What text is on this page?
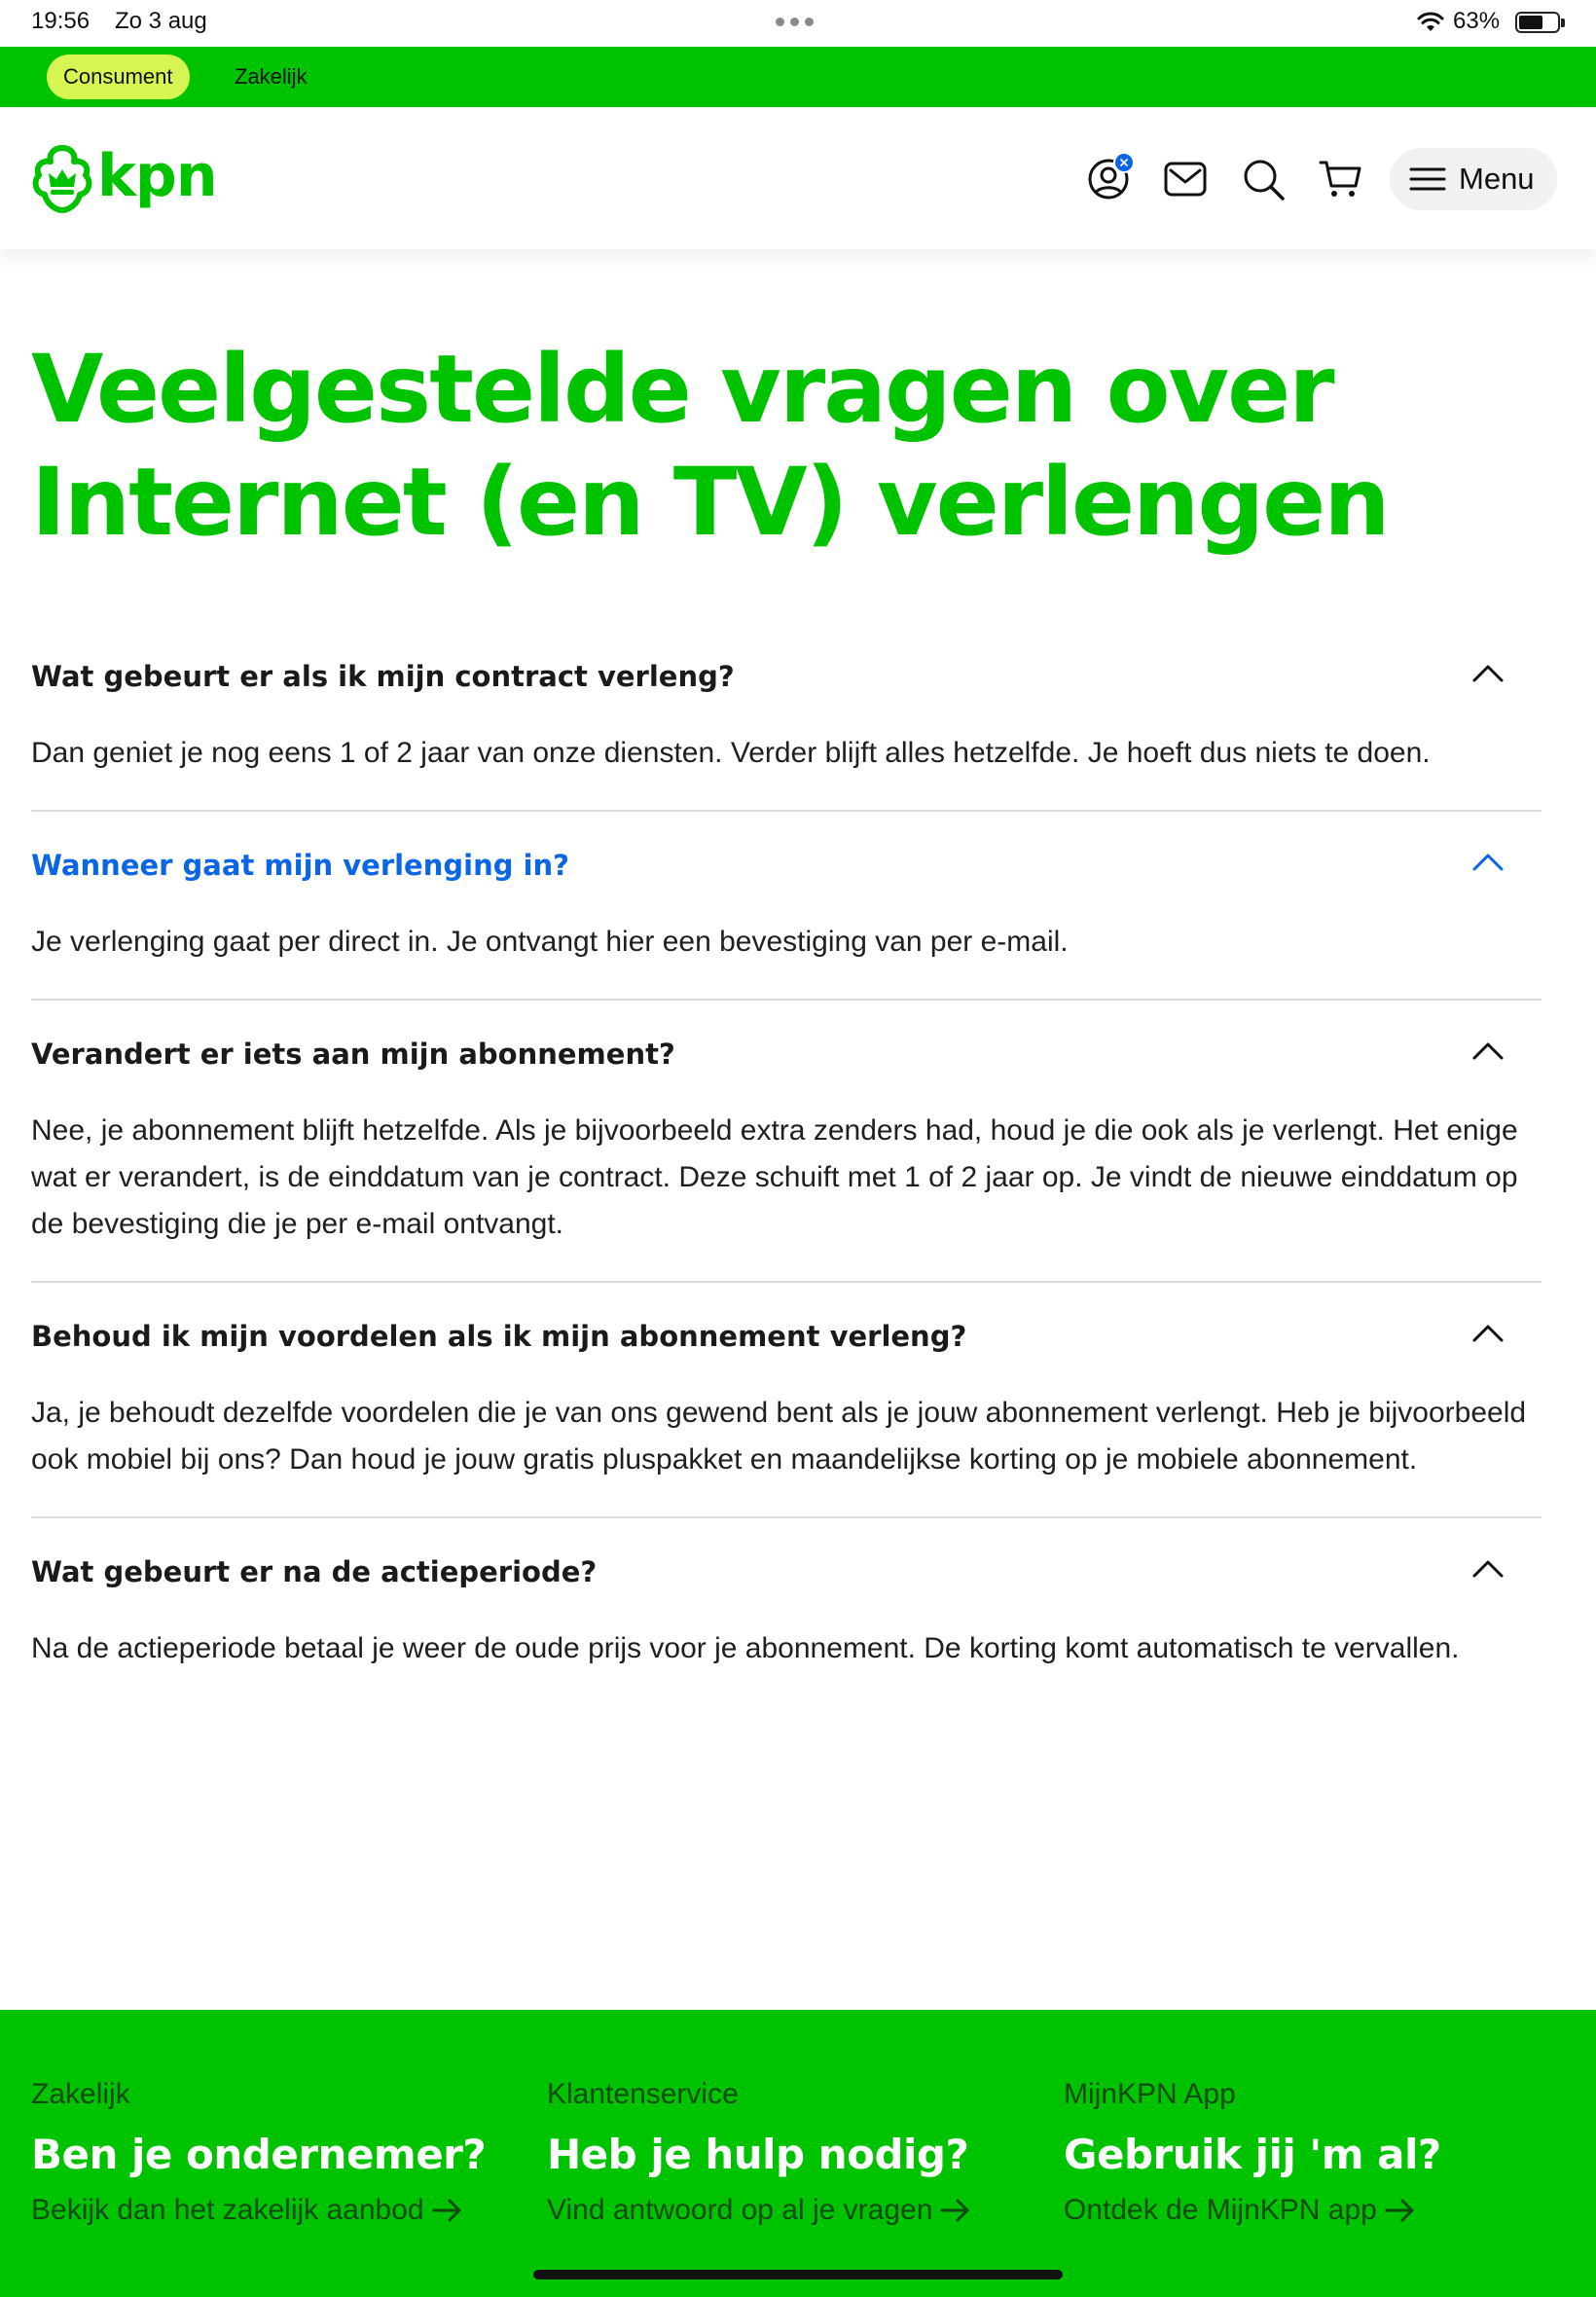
19:56 Zo 3 aug	63%
Consument	Zakelijk
kpn	Menu
Veelgestelde vragen over Internet (en TV) verlengen
Wat gebeurt er als ik mijn contract verleng?

Dan geniet je nog eens 1 of 2 jaar van onze diensten. Verder blijft alles hetzelfde. Je hoeft dus niets te doen.

Wanneer gaat mijn verlenging in?

Je verlenging gaat per direct in. Je ontvangt hier een bevestiging van per e-mail.

Verandert er iets aan mijn abonnement?

Nee, je abonnement blijft hetzelfde. Als je bijvoorbeeld extra zenders had, houd je die ook als je verlengt. Het enige wat er verandert, is de einddatum van je contract. Deze schuift met 1 of 2 jaar op. Je vindt de nieuwe einddatum op de bevestiging die je per e-mail ontvangt.

Behoud ik mijn voordelen als ik mijn abonnement verleng?

Ja, je behoudt dezelfde voordelen die je van ons gewend bent als je jouw abonnement verlengt. Heb je bijvoorbeeld ook mobiel bij ons? Dan houd je jouw gratis pluspakket en maandelijkse korting op je mobiele abonnement.

Wat gebeurt er na de actieperiode?

Na de actieperiode betaal je weer de oude prijs voor je abonnement. De korting komt automatisch te vervallen.

Zakelijk
Ben je ondernemer?
Bekijk dan het zakelijk aanbod
Klantenservice
Heb je hulp nodig?
Vind antwoord op al je vragen
MijnKPN App
Gebruik jij 'm al?
Ontdek de MijnKPN app
